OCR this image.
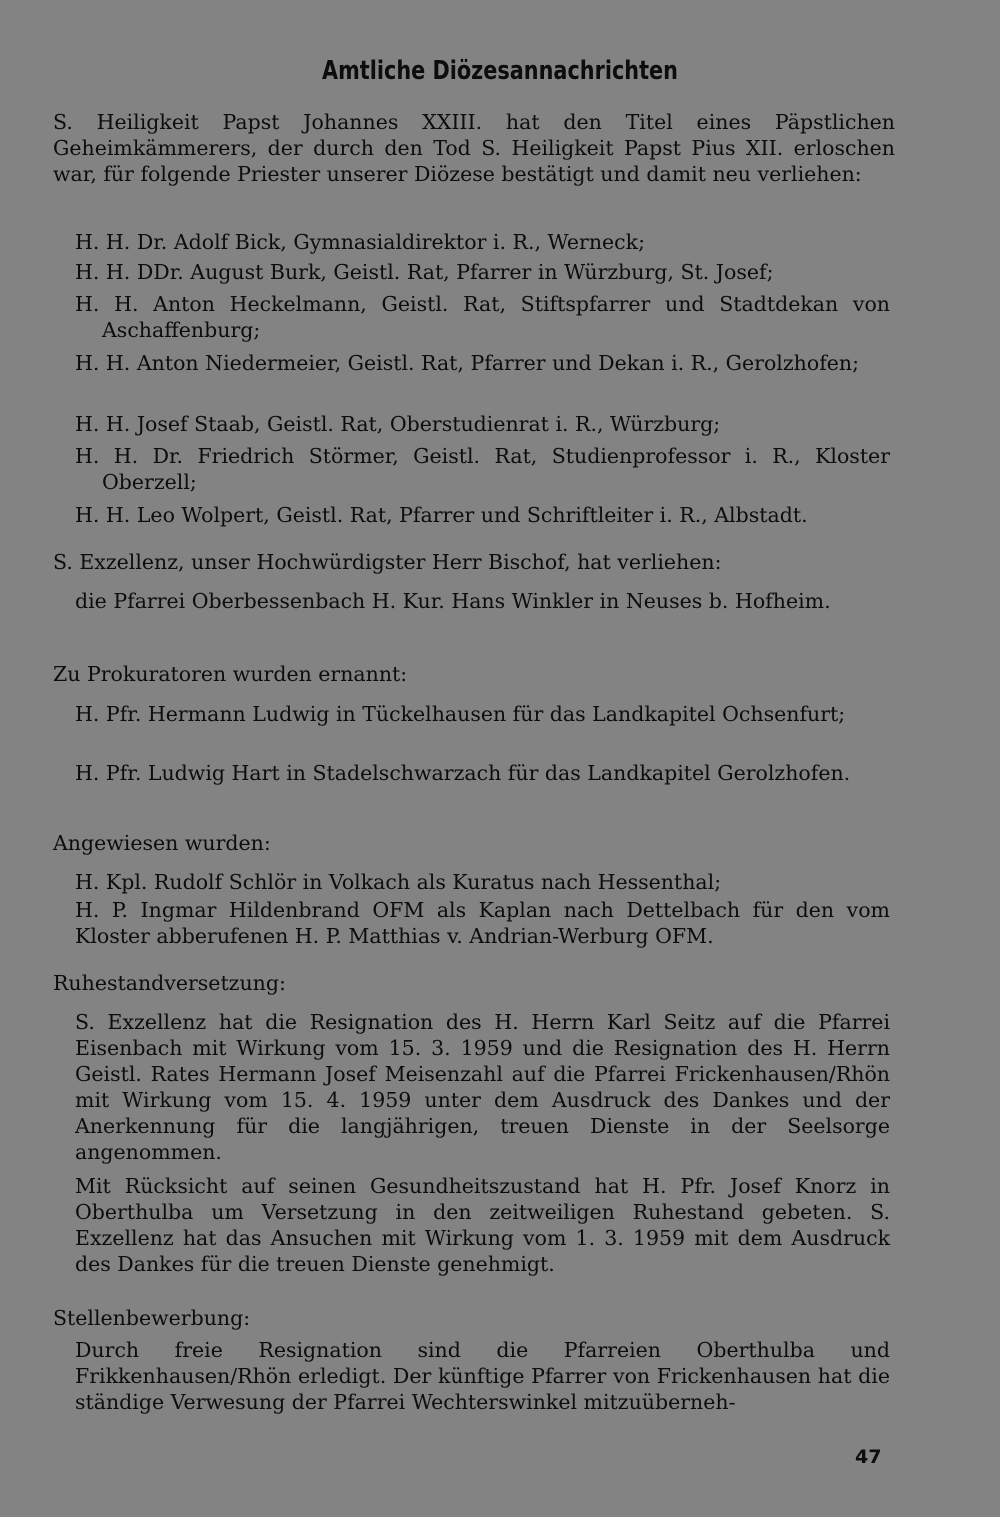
Amtliche Diözesannachrichten

S. Heiligkeit Papst Johannes XXIII. hat den Titel eines Päpstlichen Geheimkämmerers, der durch den Tod S. Heiligkeit Papst Pius XII. erloschen war, für folgende Priester unserer Diözese bestätigt und damit neu verliehen:

H. H. Dr. Adolf Bick, Gymnasialdirektor i. R., Werneck;

H. H. DDr. August Burk, Geistl. Rat, Pfarrer in Würzburg, St. Josef;

H. H. Anton Heckelmann, Geistl. Rat, Stiftspfarrer und Stadtdekan von Aschaffenburg;

H. H. Anton Niedermeier, Geistl. Rat, Pfarrer und Dekan i. R., Gerolzhofen;

H. H. Josef Staab, Geistl. Rat, Oberstudienrat i. R., Würzburg;

H. H. Dr. Friedrich Störmer, Geistl. Rat, Studienprofessor i. R., Kloster Oberzell;

H. H. Leo Wolpert, Geistl. Rat, Pfarrer und Schriftleiter i. R., Albstadt.

S. Exzellenz, unser Hochwürdigster Herr Bischof, hat verliehen:

die Pfarrei Oberbessenbach H. Kur. Hans Winkler in Neuses b. Hofheim.

Zu Prokuratoren wurden ernannt:

H. Pfr. Hermann Ludwig in Tückelhausen für das Landkapitel Ochsenfurt;

H. Pfr. Ludwig Hart in Stadelschwarzach für das Landkapitel Gerolzhofen.

Angewiesen wurden:

H. Kpl. Rudolf Schlör in Volkach als Kuratus nach Hessenthal;

H. P. Ingmar Hildenbrand OFM als Kaplan nach Dettelbach für den vom Kloster abberufenen H. P. Matthias v. Andrian-Werburg OFM.

Ruhestandversetzung:

S. Exzellenz hat die Resignation des H. Herrn Karl Seitz auf die Pfarrei Eisenbach mit Wirkung vom 15. 3. 1959 und die Resignation des H. Herrn Geistl. Rates Hermann Josef Meisenzahl auf die Pfarrei Frickenhausen/Rhön mit Wirkung vom 15. 4. 1959 unter dem Ausdruck des Dankes und der Anerkennung für die langjährigen, treuen Dienste in der Seelsorge angenommen.

Mit Rücksicht auf seinen Gesundheitszustand hat H. Pfr. Josef Knorz in Oberthulba um Versetzung in den zeitweiligen Ruhestand gebeten. S. Exzellenz hat das Ansuchen mit Wirkung vom 1. 3. 1959 mit dem Ausdruck des Dankes für die treuen Dienste genehmigt.

Stellenbewerbung:

Durch freie Resignation sind die Pfarreien Oberthulba und Frikkenhausen/Rhön erledigt. Der künftige Pfarrer von Frickenhausen hat die ständige Verwesung der Pfarrei Wechterswinkel mitzuüberneh-

47
